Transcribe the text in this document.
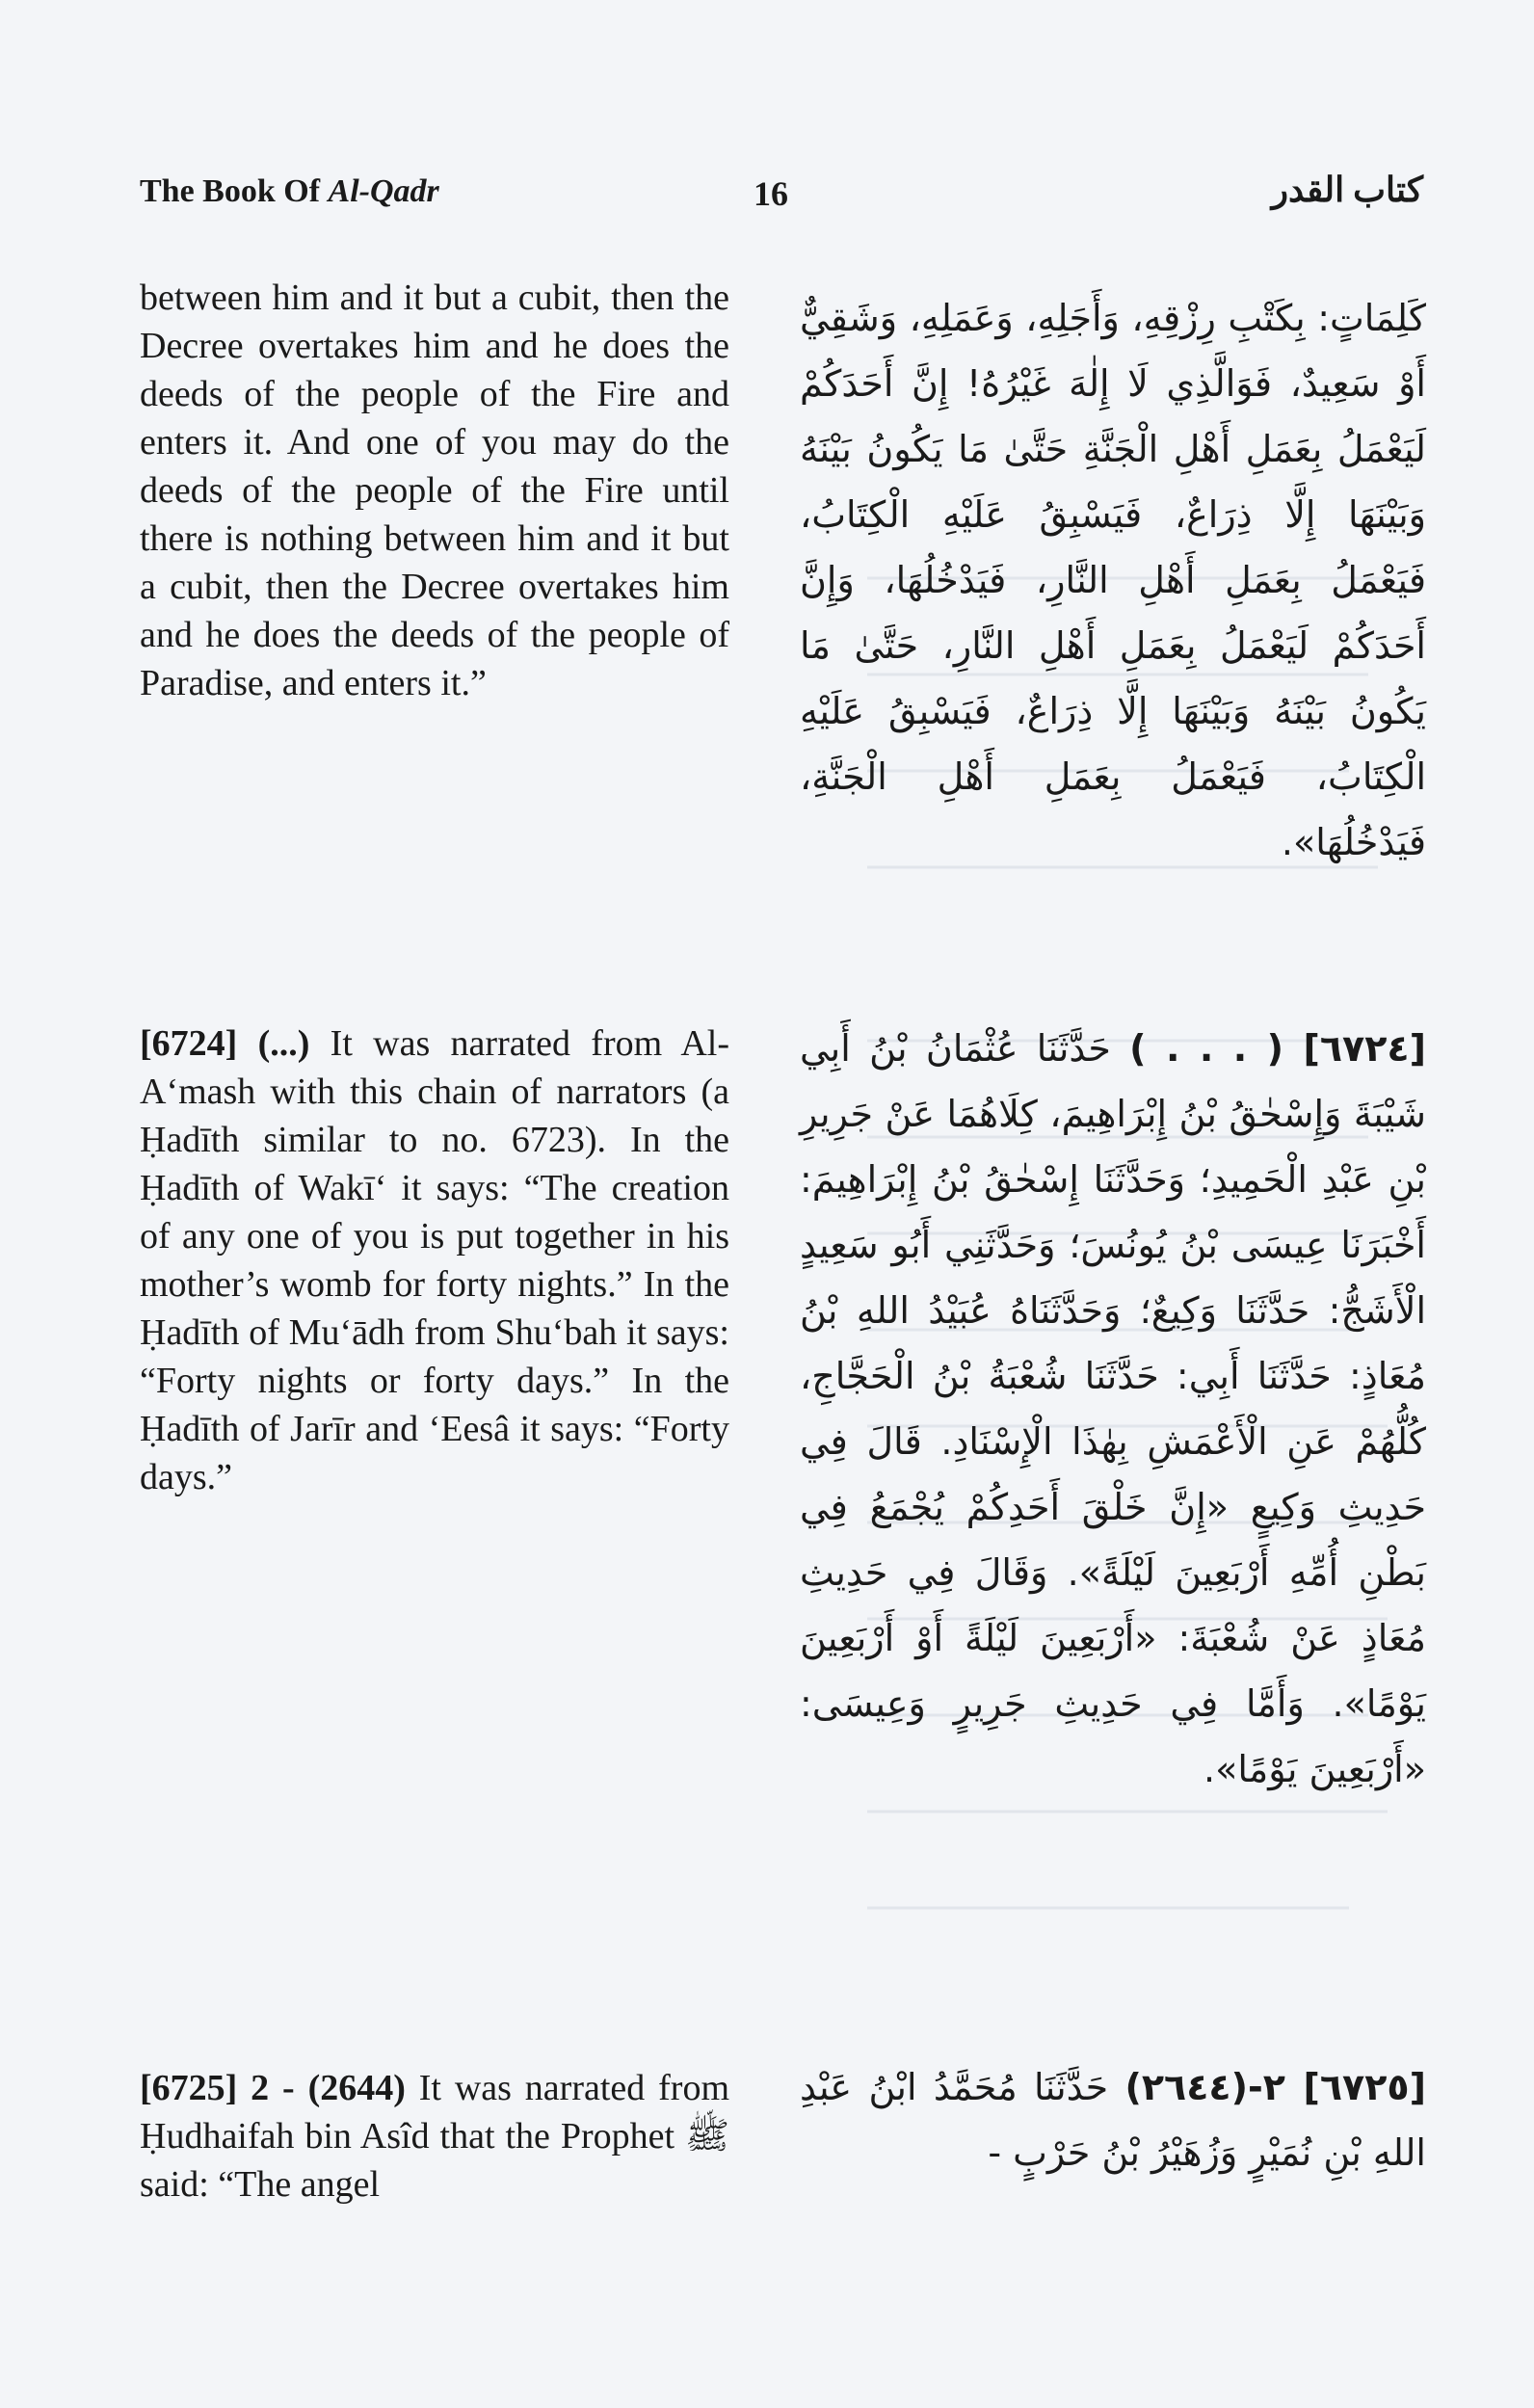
The Book Of Al-Qadr	16	كتاب القدر
between him and it but a cubit, then the Decree overtakes him and he does the deeds of the people of the Fire and enters it. And one of you may do the deeds of the people of the Fire until there is nothing between him and it but a cubit, then the Decree overtakes him and he does the deeds of the people of Paradise, and enters it.”
كَلِمَاتٍ: بِكَتْبِ رِزْقِهِ، وَأَجَلِهِ، وَعَمَلِهِ، وَشَقِيٌّ أَوْ سَعِيدٌ، فَوَالَّذِي لَا إِلٰهَ غَيْرُهُ! إِنَّ أَحَدَكُمْ لَيَعْمَلُ بِعَمَلِ أَهْلِ الْجَنَّةِ حَتَّىٰ مَا يَكُونُ بَيْنَهُ وَبَيْنَهَا إِلَّا ذِرَاعٌ، فَيَسْبِقُ عَلَيْهِ الْكِتَابُ، فَيَعْمَلُ بِعَمَلِ أَهْلِ النَّارِ، فَيَدْخُلُهَا، وَإِنَّ أَحَدَكُمْ لَيَعْمَلُ بِعَمَلِ أَهْلِ النَّارِ، حَتَّىٰ مَا يَكُونُ بَيْنَهُ وَبَيْنَهَا إِلَّا ذِرَاعٌ، فَيَسْبِقُ عَلَيْهِ الْكِتَابُ، فَيَعْمَلُ بِعَمَلِ أَهْلِ الْجَنَّةِ، فَيَدْخُلُهَا».
[6724] (...) It was narrated from Al-A‘mash with this chain of narrators (a Ḥadīth similar to no. 6723). In the Ḥadīth of Wakī‘ it says: “The creation of any one of you is put together in his mother’s womb for forty nights.” In the Ḥadīth of Mu‘ādh from Shu‘bah it says: “Forty nights or forty days.” In the Ḥadīth of Jarīr and ‘Eesâ it says: “Forty days.”
[٦٧٢٤] ( . . . ) حَدَّثَنَا عُثْمَانُ بْنُ أَبِي شَيْبَةَ وَإِسْحٰقُ بْنُ إِبْرَاهِيمَ، كِلَاهُمَا عَنْ جَرِيرِ بْنِ عَبْدِ الْحَمِيدِ؛ وَحَدَّثَنَا إِسْحٰقُ بْنُ إِبْرَاهِيمَ: أَخْبَرَنَا عِيسَى بْنُ يُونُسَ؛ وَحَدَّثَنِي أَبُو سَعِيدٍ الْأَشَجُّ: حَدَّثَنَا وَكِيعٌ؛ وَحَدَّثَنَاهُ عُبَيْدُ اللهِ بْنُ مُعَاذٍ: حَدَّثَنَا أَبِي: حَدَّثَنَا شُعْبَةُ بْنُ الْحَجَّاجِ، كُلُّهُمْ عَنِ الْأَعْمَشِ بِهٰذَا الْإِسْنَادِ. قَالَ فِي حَدِيثِ وَكِيعٍ «إِنَّ خَلْقَ أَحَدِكُمْ يُجْمَعُ فِي بَطْنِ أُمِّهِ أَرْبَعِينَ لَيْلَةً». وَقَالَ فِي حَدِيثِ مُعَاذٍ عَنْ شُعْبَةَ: «أَرْبَعِينَ لَيْلَةً أَوْ أَرْبَعِينَ يَوْمًا». وَأَمَّا فِي حَدِيثِ جَرِيرٍ وَعِيسَى: «أَرْبَعِينَ يَوْمًا».
[6725] 2 - (2644) It was narrated from Ḥudhaifah bin Asîd that the Prophet ﷺ said: “The angel
[٦٧٢٥] ٢-(٢٦٤٤) حَدَّثَنَا مُحَمَّدُ ابْنُ عَبْدِ اللهِ بْنِ نُمَيْرٍ وَزُهَيْرُ بْنُ حَرْبٍ -
